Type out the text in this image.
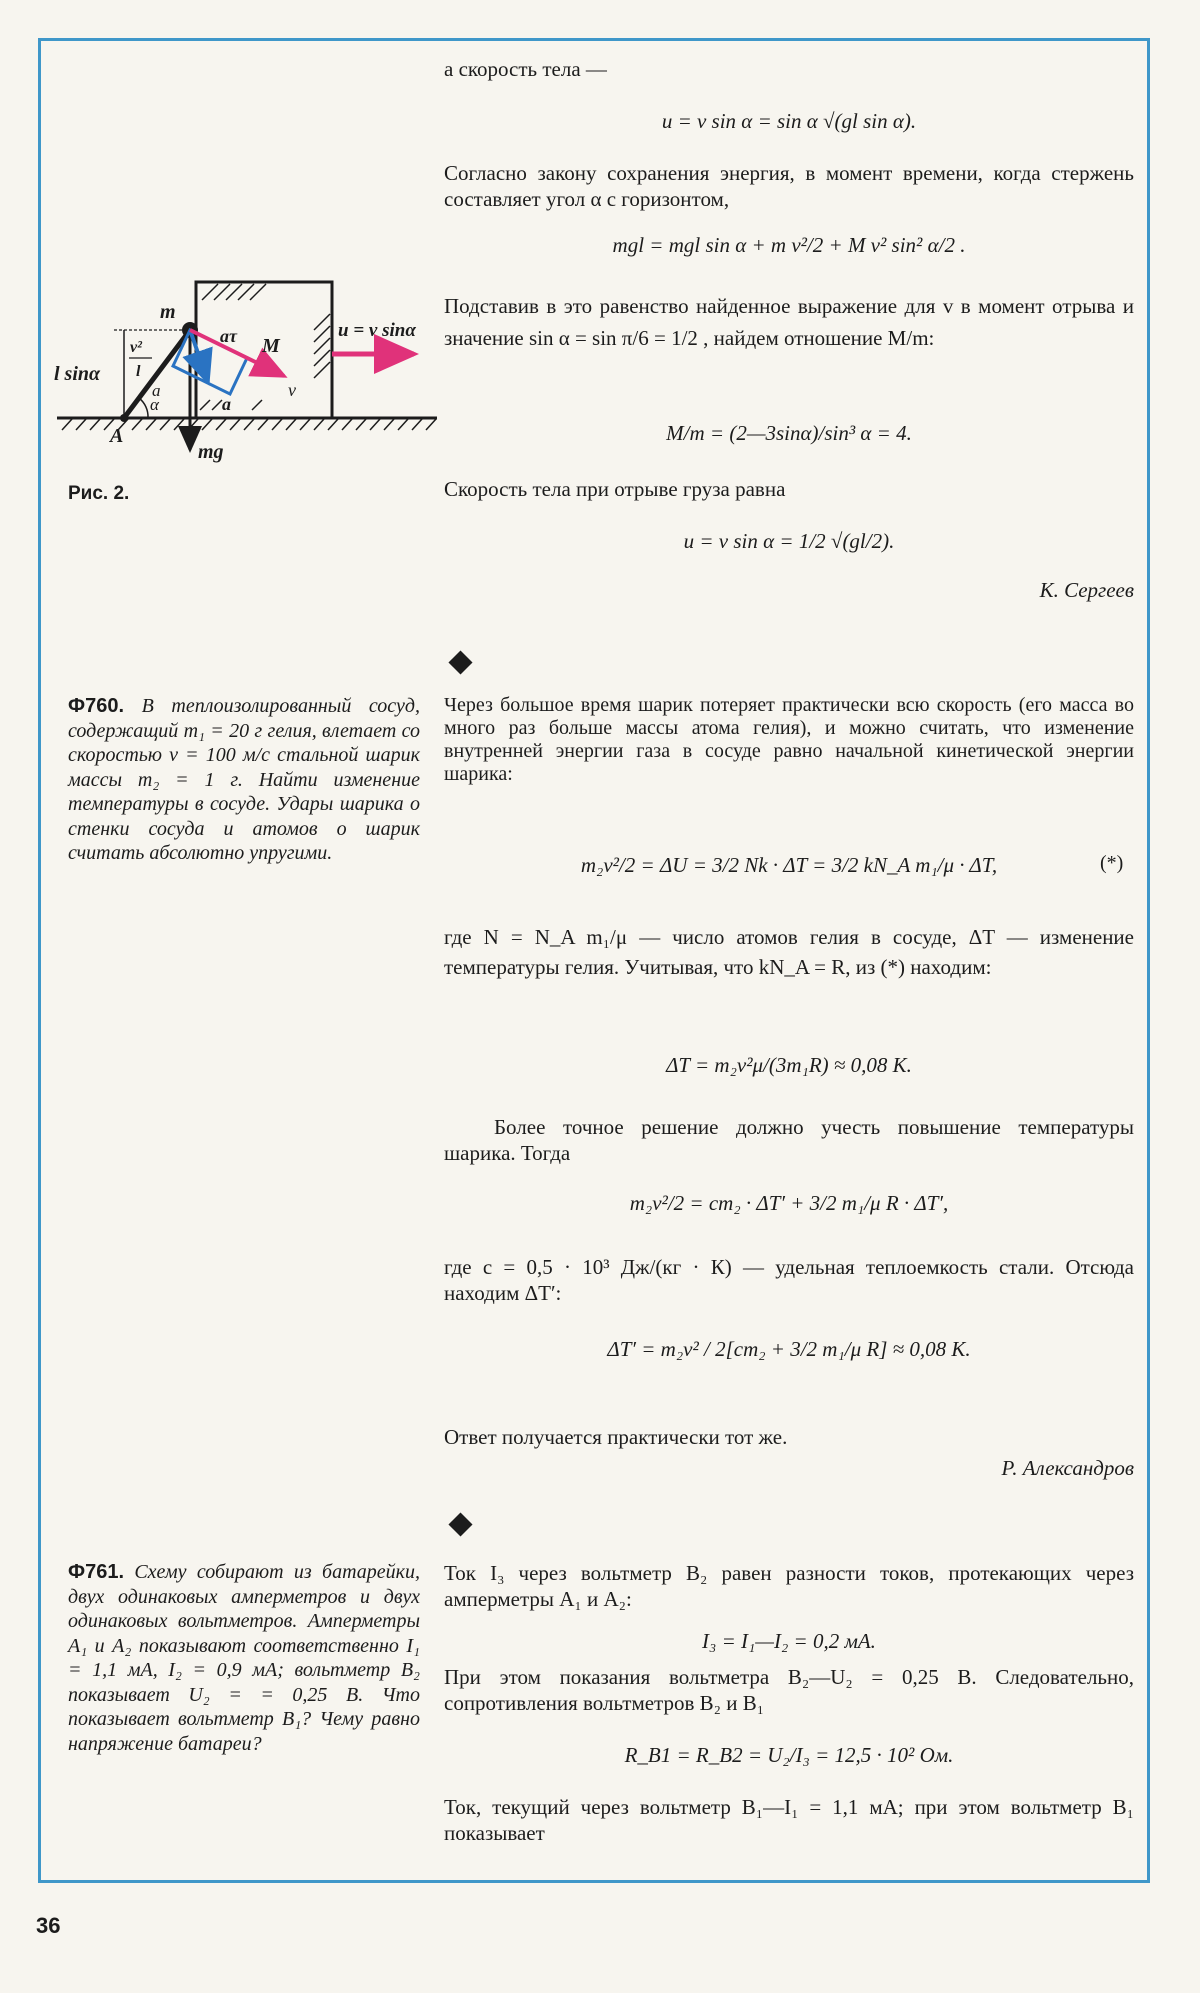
m
M
l sinα
v²
l
aτ
a
a
α
A
mg
v
u = v sinα
Рис. 2.
а скорость тела —
u = v sin α = sin α √(gl sin α).
Согласно закону сохранения энергия, в момент времени, когда стержень составляет угол α с горизонтом,
mgl = mgl sin α + m v²/2 + M v² sin² α/2 .
Подставив в это равенство найденное выражение для v в момент отрыва и значение sin α = sin π/6 = 1/2 , найдем отношение M/m:
M/m = (2—3sinα)/sin³ α = 4.
Скорость тела при отрыве груза равна
u = v sin α = 1/2 √(gl/2).
К. Сергеев

Ф760. В теплоизолированный сосуд, содержащий m₁ = 20 г гелия, влетает со скоростью v = 100 м/с стальной шарик массы m₂ = 1 г. Найти изменение температуры в сосуде. Удары шарика о стенки сосуда и атомов о шарик считать абсолютно упругими.

Через большое время шарик потеряет практически всю скорость (его масса во много раз больше массы атома гелия), и можно считать, что изменение внутренней энергии газа в сосуде равно начальной кинетической энергии шарика:
m₂v²/2 = ΔU = 3/2 Nk · ΔT = 3/2 kN_A m₁/μ · ΔT,	(*)
где N = N_A m₁/μ — число атомов гелия в сосуде, ΔT — изменение температуры гелия. Учитывая, что kN_A = R, из (*) находим:
ΔT = m₂v²μ/(3m₁R) ≈ 0,08 К.
Более точное решение должно учесть повышение температуры шарика. Тогда
m₂v²/2 = cm₂ · ΔT′ + 3/2 m₁/μ R · ΔT′,
где c = 0,5 · 10³ Дж/(кг · К) — удельная теплоемкость стали. Отсюда находим ΔT′:
ΔT′ = m₂v² / 2[cm₂ + 3/2 m₁/μ R] ≈ 0,08 К.
Ответ получается практически тот же.
Р. Александров

Ф761. Схему собирают из батарейки, двух одинаковых амперметров и двух одинаковых вольтметров. Амперметры A₁ и A₂ показывают соответственно I₁ = 1,1 мА, I₂ = 0,9 мА; вольтметр B₂ показывает U₂ = = 0,25 В. Что показывает вольтметр B₁? Чему равно напряжение батареи?

Ток I₃ через вольтметр B₂ равен разности токов, протекающих через амперметры A₁ и A₂:
I₃ = I₁—I₂ = 0,2 мА.
При этом показания вольтметра B₂—U₂ = 0,25 В. Следовательно, сопротивления вольтметров B₂ и B₁
R_B1 = R_B2 = U₂/I₃ = 12,5 · 10² Ом.
Ток, текущий через вольтметр B₁—I₁ = 1,1 мА; при этом вольтметр B₁ показывает
36
